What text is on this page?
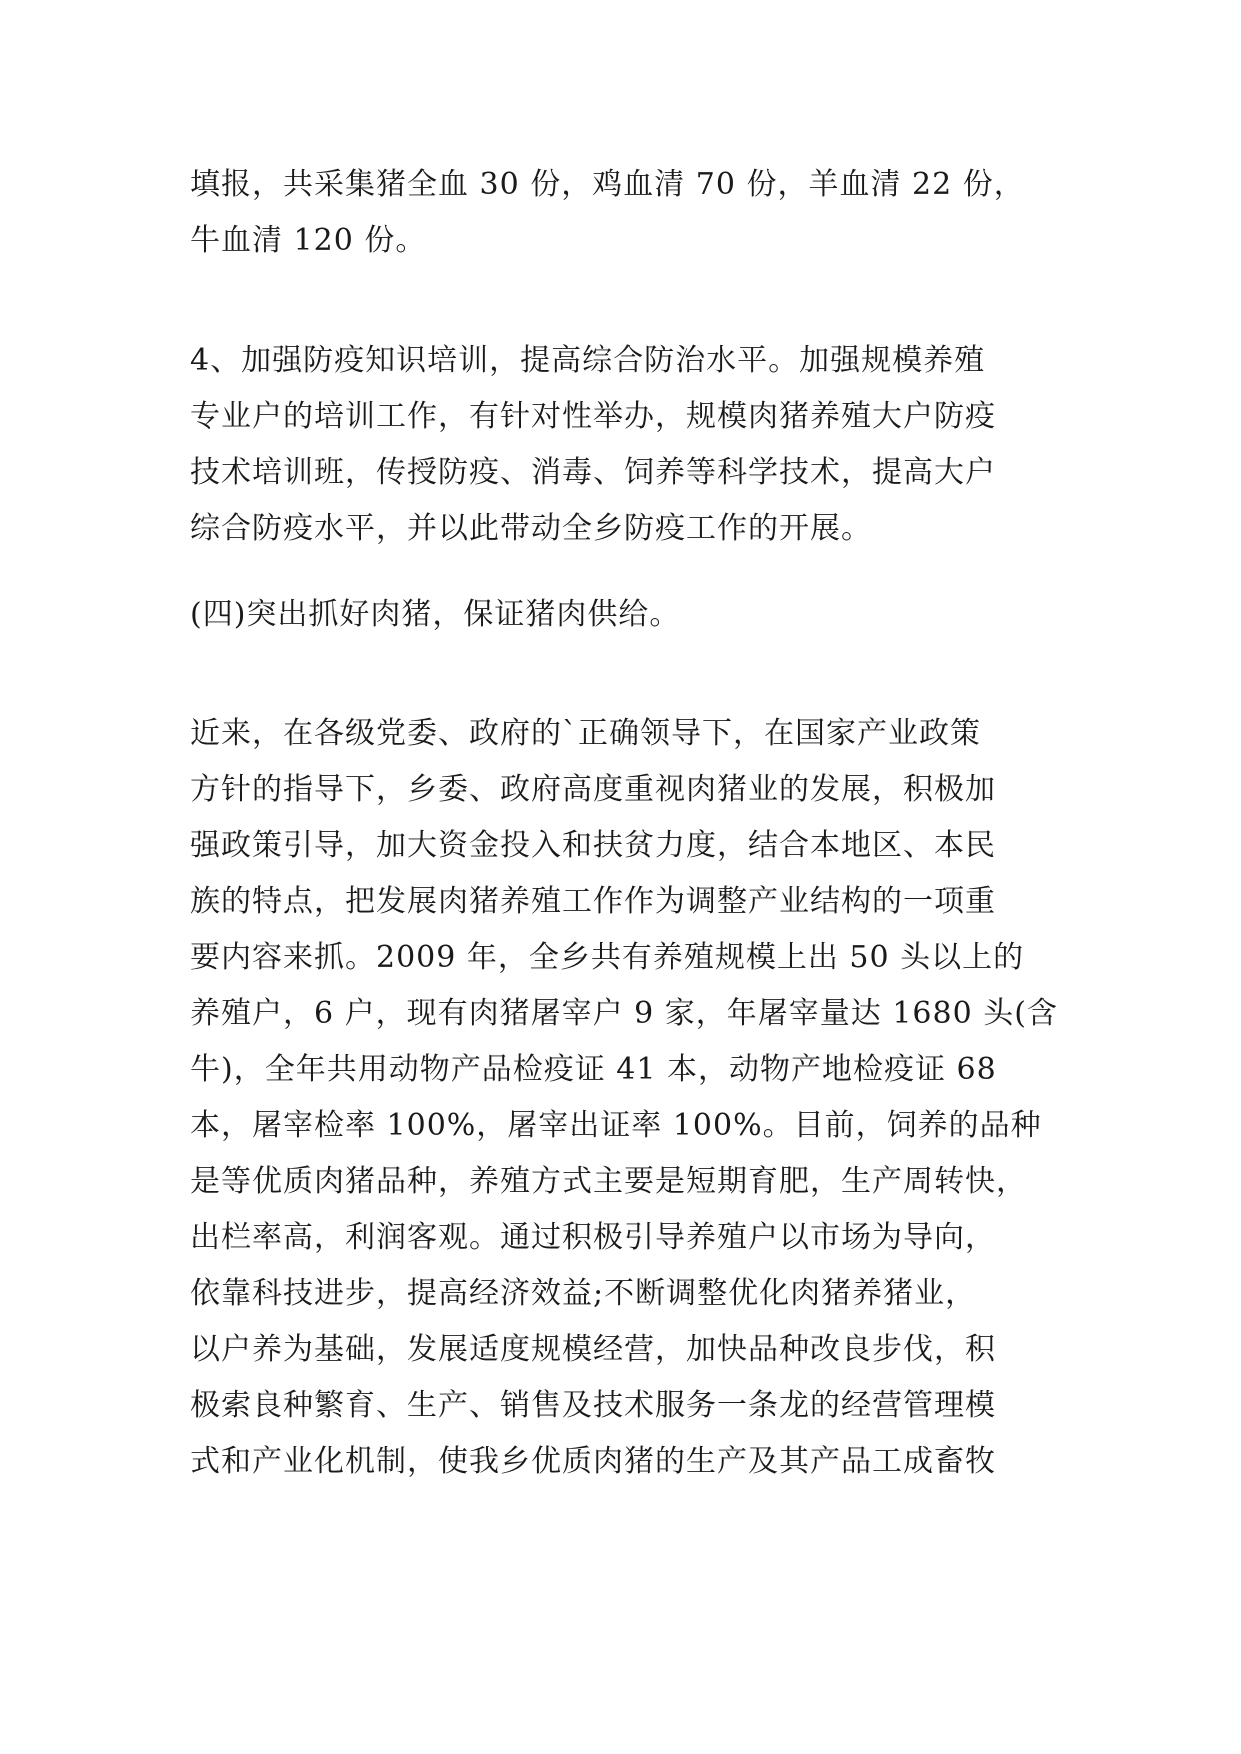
填报，共采集猪全血 30 份，鸡血清 70 份，羊血清 22 份，
牛血清 120 份。
4、加强防疫知识培训，提高综合防治水平。加强规模养殖
专业户的培训工作，有针对性举办，规模肉猪养殖大户防疫
技术培训班，传授防疫、消毒、饲养等科学技术，提高大户
综合防疫水平，并以此带动全乡防疫工作的开展。
(四)突出抓好肉猪，保证猪肉供给。
近来，在各级党委、政府的`正确领导下，在国家产业政策
方针的指导下，乡委、政府高度重视肉猪业的发展，积极加
强政策引导，加大资金投入和扶贫力度，结合本地区、本民
族的特点，把发展肉猪养殖工作作为调整产业结构的一项重
要内容来抓。2009 年，全乡共有养殖规模上出 50 头以上的
养殖户，6 户，现有肉猪屠宰户 9 家，年屠宰量达 1680 头(含
牛)，全年共用动物产品检疫证 41 本，动物产地检疫证 68
本，屠宰检率 100%，屠宰出证率 100%。目前，饲养的品种
是等优质肉猪品种，养殖方式主要是短期育肥，生产周转快，
出栏率高，利润客观。通过积极引导养殖户以市场为导向，
依靠科技进步，提高经济效益;不断调整优化肉猪养猪业，
以户养为基础，发展适度规模经营，加快品种改良步伐，积
极索良种繁育、生产、销售及技术服务一条龙的经营管理模
式和产业化机制，使我乡优质肉猪的生产及其产品工成畜牧
